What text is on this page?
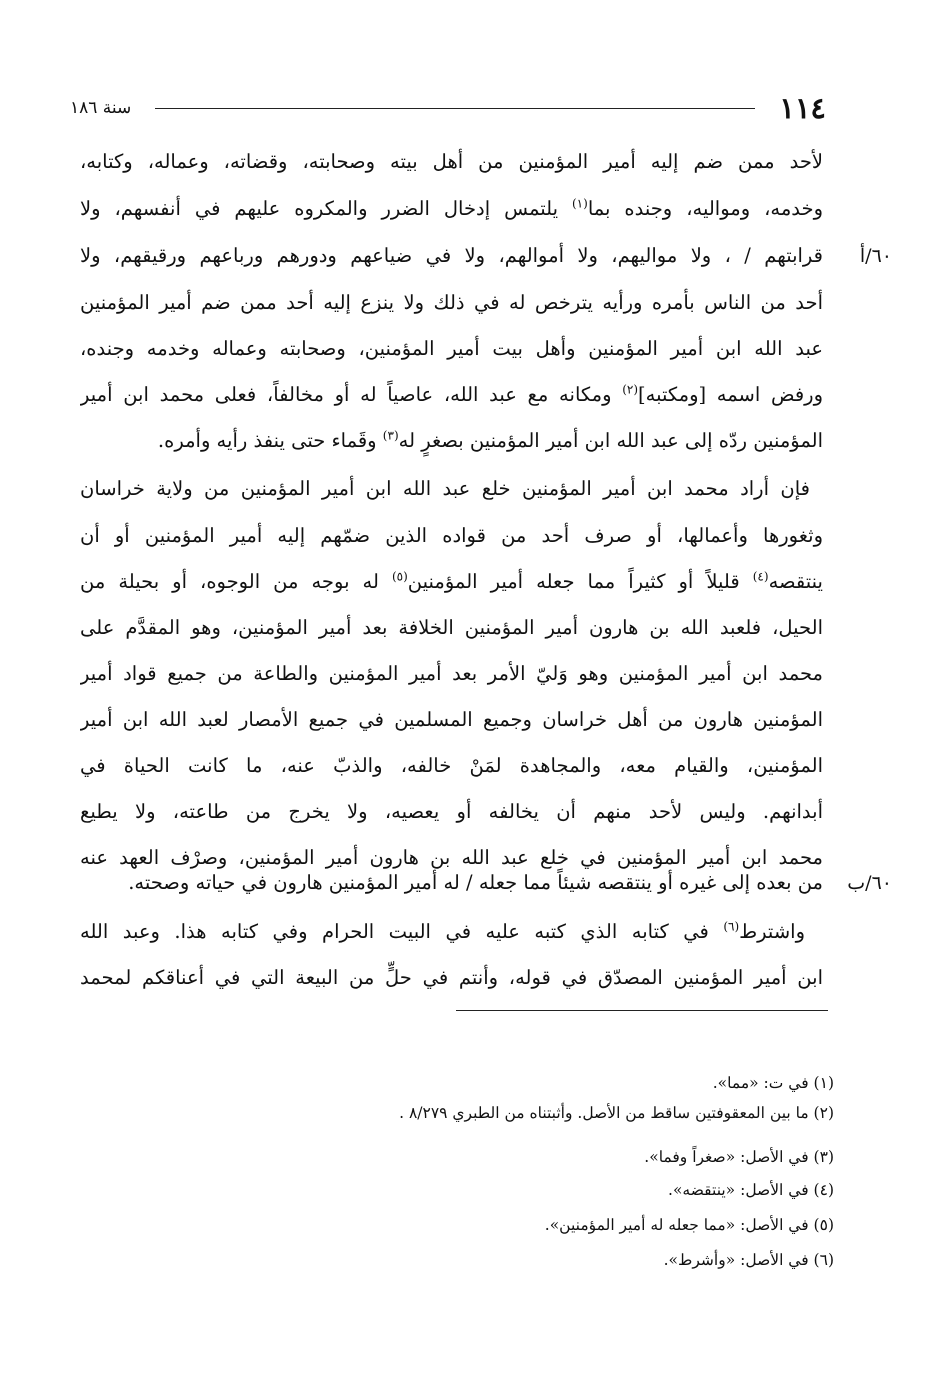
١١٤
سنة ١٨٦
لأحد ممن ضم إليه أمير المؤمنين من أهل بيته وصحابته، وقضاته، وعماله، وكتابه،
وخدمه، ومواليه، وجنده بما$^{(١)}$ يلتمس إدخال الضرر والمكروه عليهم في أنفسهم، ولا
قرابتهم / ، ولا مواليهم، ولا أموالهم، ولا في ضياعهم ودورهم ورباعهم ورقيقهم، ولا	٦٠/أ
أحد من الناس بأمره ورأيه يترخص له في ذلك ولا ينزع إليه أحد ممن ضم أمير المؤمنين
عبد الله ابن أمير المؤمنين وأهل بيت أمير المؤمنين، وصحابته وعماله وخدمه وجنده،
ورفض اسمه [ومكتبه]$^{(٢)}$ ومكانه مع عبد الله، عاصياً له أو مخالفاً، فعلى محمد ابن أمير
المؤمنين ردّه إلى عبد الله ابن أمير المؤمنين بصغرٍ له$^{(٣)}$ وقَماء حتى ينفذ رأيه وأمره.
فإن أراد محمد ابن أمير المؤمنين خلع عبد الله ابن أمير المؤمنين من ولاية خراسان
وثغورها وأعمالها، أو صرف أحد من قواده الذين ضمّهم إليه أمير المؤمنين أو أن
ينتقصه$^{(٤)}$ قليلاً أو كثيراً مما جعله أمير المؤمنين$^{(٥)}$ له بوجه من الوجوه، أو بحيلة من
الحيل، فلعبد الله بن هارون أمير المؤمنين الخلافة بعد أمير المؤمنين، وهو المقدَّم على
محمد ابن أمير المؤمنين وهو وَليّ الأمر بعد أمير المؤمنين والطاعة من جميع قواد أمير
المؤمنين هارون من أهل خراسان وجميع المسلمين في جميع الأمصار لعبد الله ابن أمير
المؤمنين، والقيام معه، والمجاهدة لمَنْ خالفه، والذبّ عنه، ما كانت الحياة في
أبدانهم. وليس لأحد منهم أن يخالفه أو يعصيه، ولا يخرج من طاعته، ولا يطيع
محمد ابن أمير المؤمنين في خلع عبد الله بن هارون أمير المؤمنين، وصرْف العهد عنه
من بعده إلى غيره أو ينتقصه شيئاً مما جعله / له أمير المؤمنين هارون في حياته وصحته.	٦٠/ب
واشترط$^{(٦)}$ في كتابه الذي كتبه عليه في البيت الحرام وفي كتابه هذا. وعبد الله
ابن أمير المؤمنين المصدّق في قوله، وأنتم في حلٍّ من البيعة التي في أعناقكم لمحمد
(١) في ت: «مما».
(٢) ما بين المعقوفتين ساقط من الأصل. وأثبتناه من الطبري ٨/٢٧٩ .
(٣) في الأصل: «صغراً وفما».
(٤) في الأصل: «ينتقضه».
(٥) في الأصل: «مما جعله له أمير المؤمنين».
(٦) في الأصل: «وأشرط».
